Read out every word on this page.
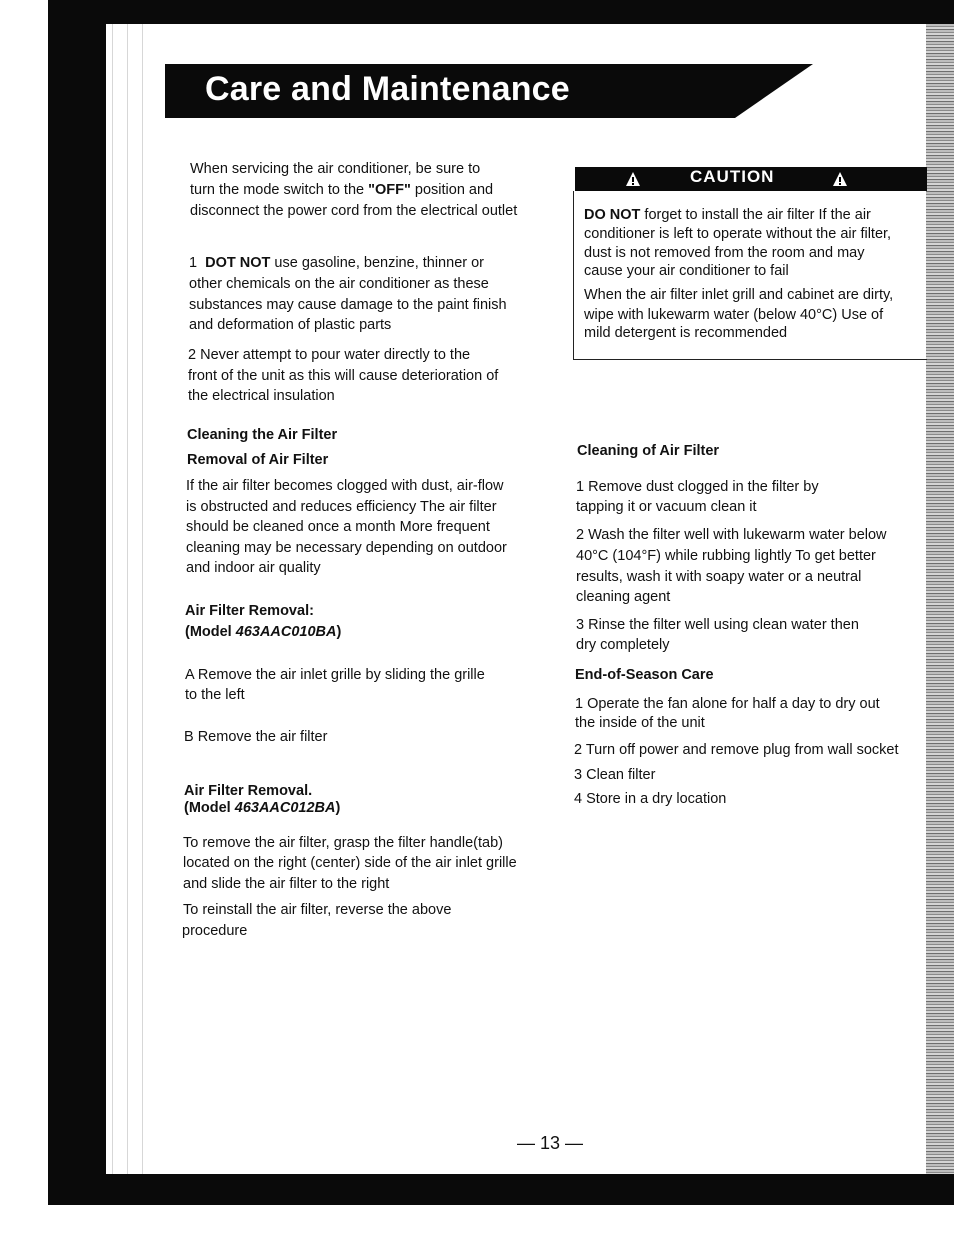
Care and Maintenance
When servicing the air conditioner, be sure to
turn the mode switch to the "OFF" position and
disconnect the power cord from the electrical outlet
1 DOT NOT use gasoline, benzine, thinner or
other chemicals on the air conditioner as these
substances may cause damage to the paint finish
and deformation of plastic parts
2 Never attempt to pour water directly to the
front of the unit as this will cause deterioration of
the electrical insulation
Cleaning the Air Filter
Removal of Air Filter
If the air filter becomes clogged with dust, air-flow
is obstructed and reduces efficiency The air filter
should be cleaned once a month More frequent
cleaning may be necessary depending on outdoor
and indoor air quality
Air Filter Removal:
(Model 463AAC010BA)
A Remove the air inlet grille by sliding the grille
to the left
B Remove the air filter
Air Filter Removal.
(Model 463AAC012BA)
To remove the air filter, grasp the filter handle(tab)
located on the right (center) side of the air inlet grille
and slide the air filter to the right
To reinstall the air filter, reverse the above
procedure
CAUTION
DO NOT forget to install the air filter If the air
conditioner is left to operate without the air filter,
dust is not removed from the room and may
cause your air conditioner to fail
When the air filter inlet grill and cabinet are dirty,
wipe with lukewarm water (below 40°C) Use of
mild detergent is recommended
Cleaning of Air Filter
1 Remove dust clogged in the filter by
tapping it or vacuum clean it
2 Wash the filter well with lukewarm water below
40°C (104°F) while rubbing lightly To get better
results, wash it with soapy water or a neutral
cleaning agent
3 Rinse the filter well using clean water then
dry completely
End-of-Season Care
1 Operate the fan alone for half a day to dry out
the inside of the unit
2 Turn off power and remove plug from wall socket
3 Clean filter
4 Store in a dry location
— 13 —
